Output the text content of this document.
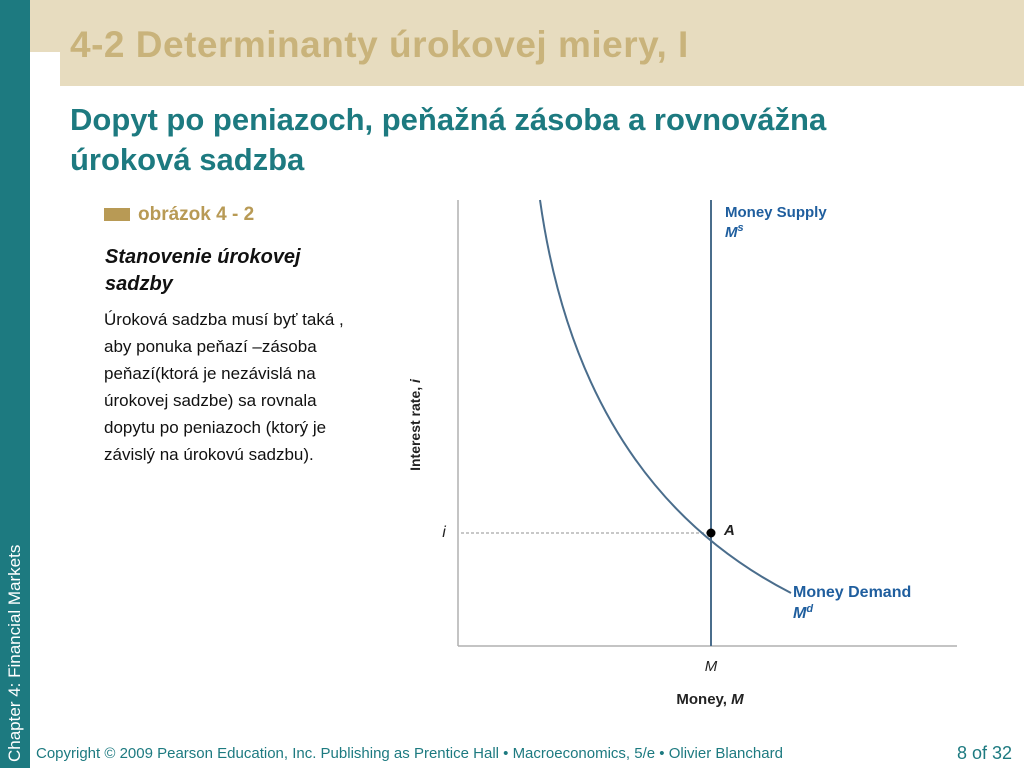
Chapter 4: Financial Markets
4-2 Determinanty úrokovej miery, I
Dopyt po peniazoch, peňažná zásoba a rovnovážna úroková sadzba
obrázok 4 - 2
Stanovenie úrokovej sadzby
Úroková sadzba musí byť taká , aby ponuka peňazí –zásoba peňazí(ktorá je nezávislá na úrokovej sadzbe) sa rovnala dopytu po peniazoch (ktorý je závislý na úrokovú sadzbu).	Interest rate, i
Money, M
i
M
A
Money Supply
$M^s$
Money Demand
$M^d$
Copyright © 2009 Pearson Education, Inc. Publishing as Prentice Hall • Macroeconomics, 5/e • Olivier Blanchard	8 of 32
